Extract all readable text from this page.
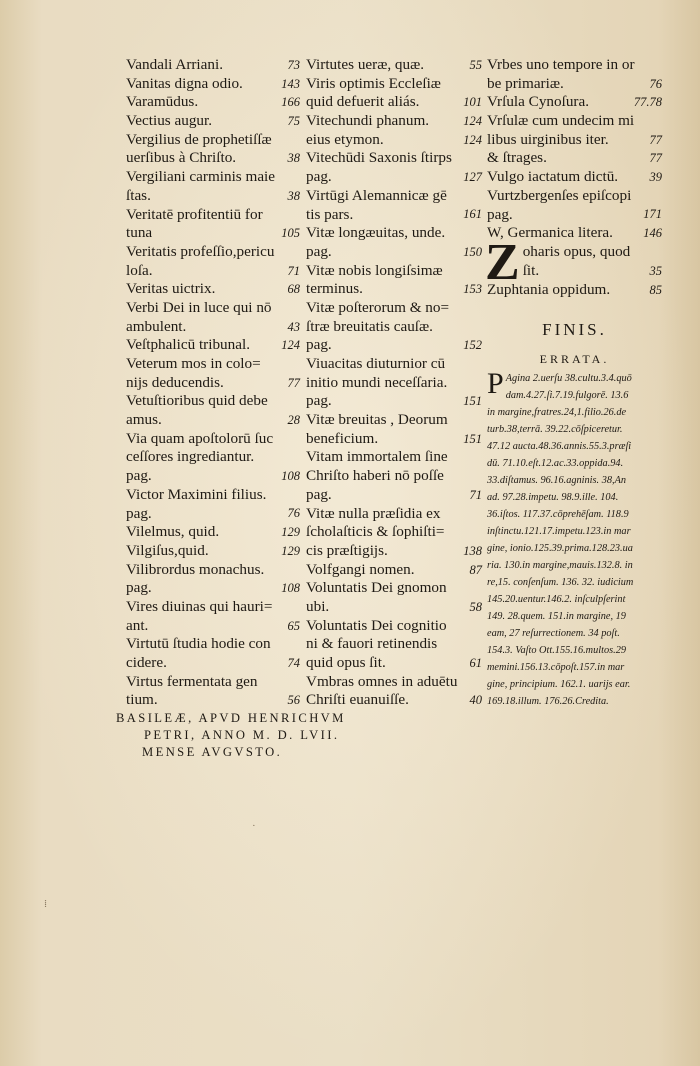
Vandali Arriani.	73
Vanitas digna odio.	143
Varamūdus.	166
Vectius augur.	75
Vergilius de prophetiſſæ
uerſibus à Chriſto.	38
Vergiliani carminis maie
ſtas.	38
Veritatē profitentiū for
tuna	105
Veritatis profeſſio,pericu
loſa.	71
Veritas uictrix.	68
Verbi Dei in luce qui nō
ambulent.	43
Veſtphalicū tribunal.	124
Veterum mos in colo=
nijs deducendis.	77
Vetuſtioribus quid debe
amus.	28
Via quam apoſtolorū ſuc
ceſſores ingrediantur.
pag.	108
Victor Maximini filius.
pag.	76
Vilelmus, quid.	129
Vilgiſus,quid.	129
Vilibrordus monachus.
pag.	108
Vires diuinas qui hauri=
ant.	65
Virtutū ſtudia hodie con
cidere.	74
Virtus fermentata gen
tium.	56
Virtutes ueræ, quæ.	55
Viris optimis Eccleſiæ
quid defuerit aliás.	101
Vitechundi phanum.	124
eius etymon.	124
Vitechūdi Saxonis ſtirps
pag.	127
Virtūgi Alemannicæ gē
tis pars.	161
Vitæ longæuitas, unde.
pag.	150
Vitæ nobis longiſsimæ
terminus.	153
Vitæ poſterorum & no=
ſtræ breuitatis cauſæ.
pag.	152
Viuacitas diuturnior cū
initio mundi neceſſaria.
pag.	151
Vitæ breuitas , Deorum
beneficium.	151
Vitam immortalem ſine
Chriſto haberi nō poſſe
pag.	71
Vitæ nulla præſidia ex
ſcholaſticis & ſophiſti=
cis præſtigijs.	138
Volfgangi nomen.	87
Voluntatis Dei gnomon
ubi.	58
Voluntatis Dei cognitio
ni & fauori retinendis
quid opus ſit.	61
Vmbras omnes in aduētu
Chriſti euanuiſſe.	40
Vrbes uno tempore in or
be primariæ.	76
Vrſula Cynoſura.	77.78
Vrſulæ cum undecim mi
libus uirginibus iter.	77
& ſtrages.	77
Vulgo iactatum dictū.	39
Vurtzbergenſes epiſcopi
pag.	171
W, Germanica litera.	146
Z oharis opus, quod
ſit.	35
Zuphtania oppidum.	85
FINIS.
ERRATA.
P Agina 2.uerſu 38.cultu.3.4.quō
dam.4.27.ſi.7.19.fulgorē. 13.6
in margine,fratres.24,1.filio.26.de
turb.38,terrā. 39.22.cōſpiceretur.
47.12 aucta.48.36.annis.55.3.præſi
dū. 71.10.eſt.12.ac.33.oppida.94.
33.diſtamus. 96.16.agninis. 38,An
ad. 97.28.impetu. 98.9.ille. 104.
36.iſtos. 117.37.cōprehēſam. 118.9
inſtinctu.121.17.impetu.123.in mar
gine, ionio.125.39.prima.128.23.ua
ria. 130.in margine,mauis.132.8. in
re,15. conſenſum. 136. 32. iudicium
145.20.uentur.146.2. inſculpſerint
149. 28.quem. 151.in margine, 19
eam, 27 reſurrectionem. 34 poſt.
154.3. Vaſto Ott.155.16.multos.29
memini.156.13.cōpoſt.157.in mar
gine, principium. 162.1. uarijs ear.
169.18.illum. 176.26.Credita.
BASILEÆ, APVD HENRICHVM
PETRI, ANNO M. D. LVII.
MENSE AVGVSTO.
·
⁞
